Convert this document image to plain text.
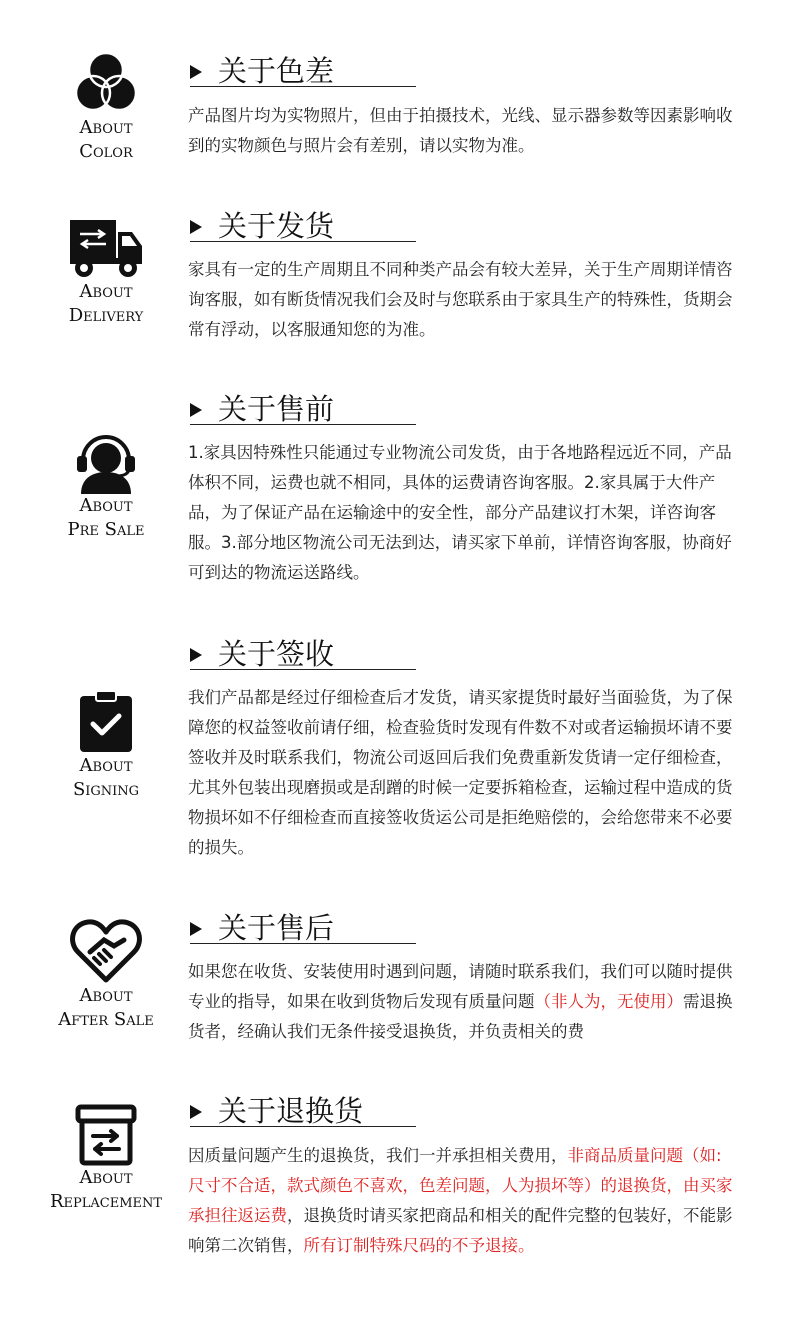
About
Color
关于色差
产品图片均为实物照片，但由于拍摄技术，光线、显示器参数等因素影响收到的实物颜色与照片会有差别，请以实物为准。
About
Delivery
关于发货
家具有一定的生产周期且不同种类产品会有较大差异，关于生产周期详情咨询客服，如有断货情况我们会及时与您联系由于家具生产的特殊性，货期会常有浮动，以客服通知您的为准。
About
Pre Sale
关于售前
1.家具因特殊性只能通过专业物流公司发货，由于各地路程远近不同，产品体积不同，运费也就不相同，具体的运费请咨询客服。2.家具属于大件产品，为了保证产品在运输途中的安全性，部分产品建议打木架，详咨询客服。3.部分地区物流公司无法到达，请买家下单前，详情咨询客服，协商好可到达的物流运送路线。
About
Signing
关于签收
我们产品都是经过仔细检查后才发货，请买家提货时最好当面验货，为了保障您的权益签收前请仔细，检查验货时发现有件数不对或者运输损坏请不要签收并及时联系我们，物流公司返回后我们免费重新发货请一定仔细检查，尤其外包装出现磨损或是刮蹭的时候一定要拆箱检查，运输过程中造成的货物损坏如不仔细检查而直接签收货运公司是拒绝赔偿的，会给您带来不必要的损失。
About
After Sale
关于售后
如果您在收货、安装使用时遇到问题，请随时联系我们，我们可以随时提供专业的指导，如果在收到货物后发现有质量问题（非人为，无使用）需退换货者，经确认我们无条件接受退换货，并负责相关的费
About
Replacement
关于退换货
因质量问题产生的退换货，我们一并承担相关费用，非商品质量问题（如:尺寸不合适，款式颜色不喜欢，色差问题，人为损坏等）的退换货，由买家承担往返运费，退换货时请买家把商品和相关的配件完整的包装好，不能影响第二次销售，所有订制特殊尺码的不予退接。
